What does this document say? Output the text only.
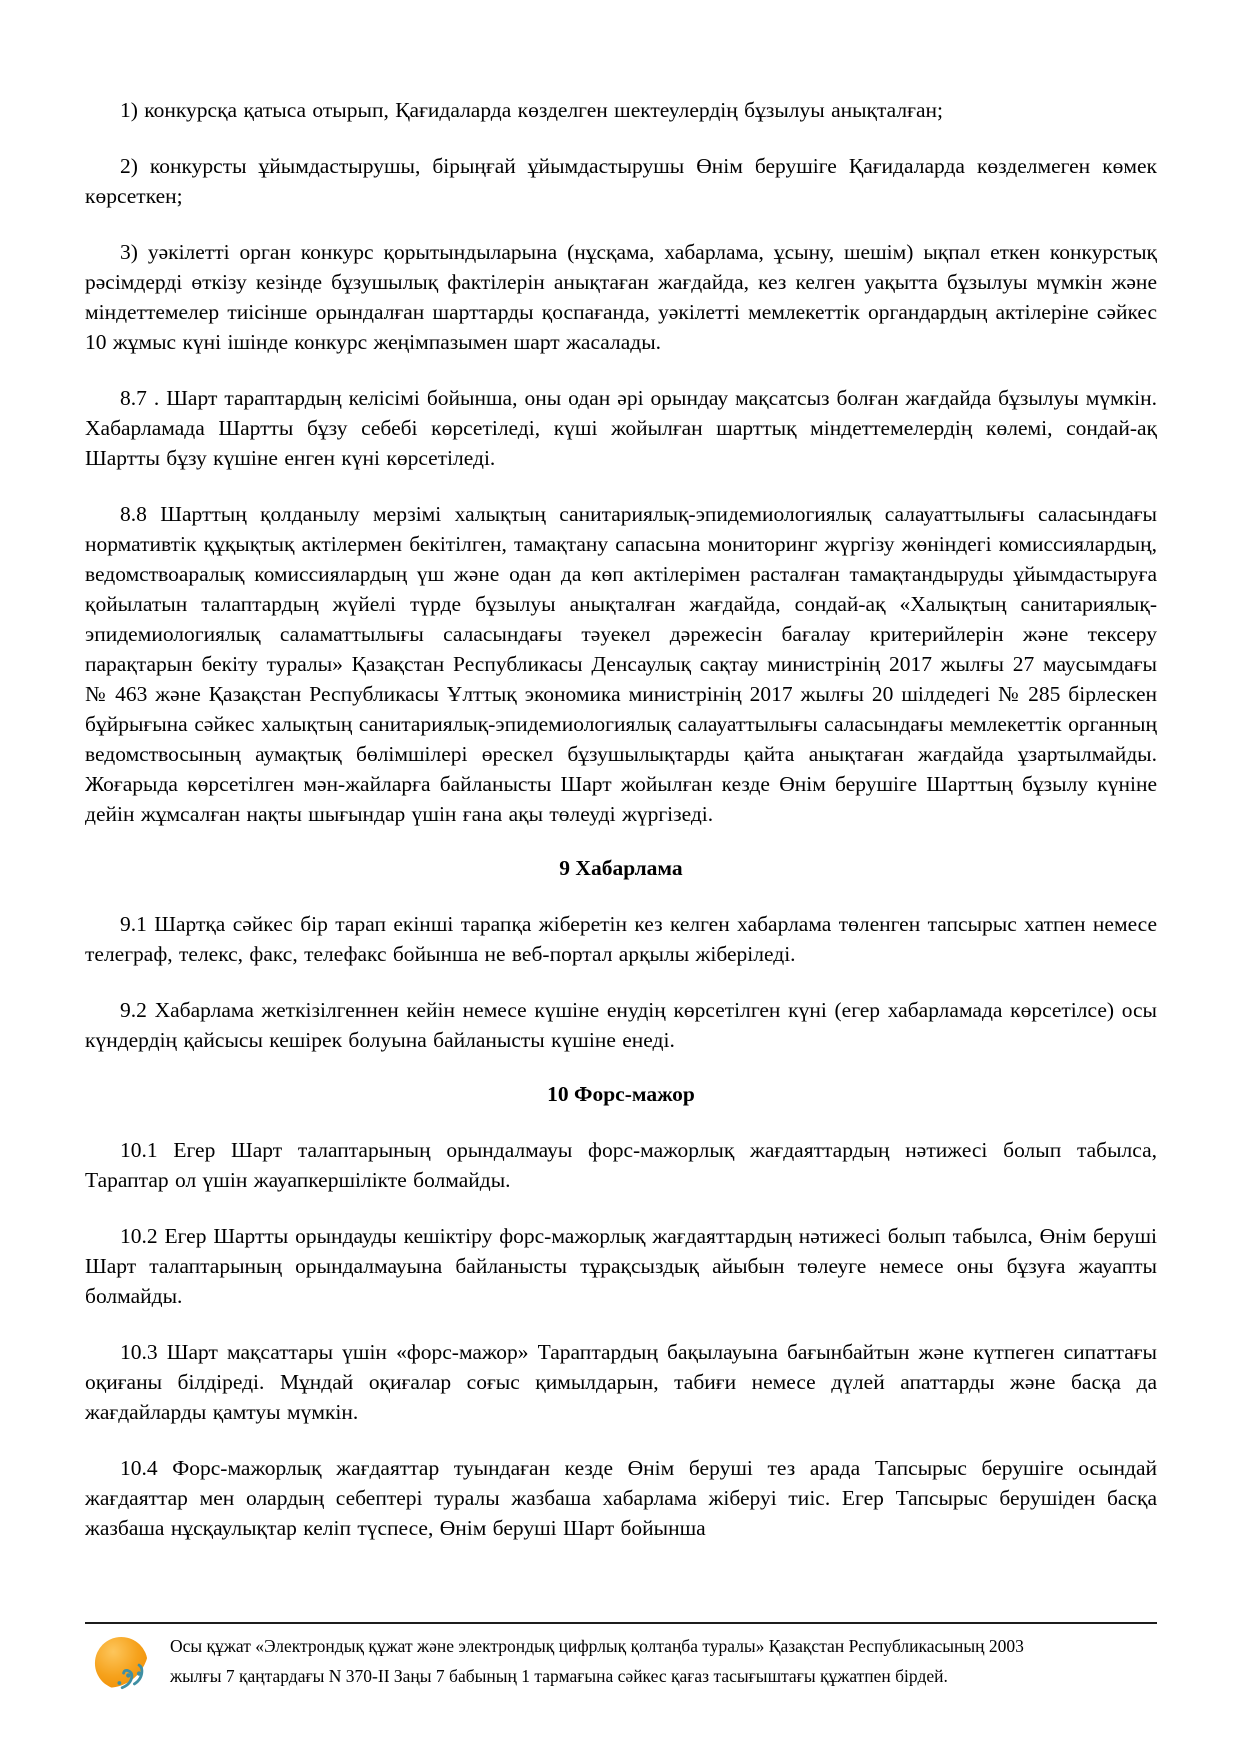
1) конкурсқа қатыса отырып, Қағидаларда көзделген шектеулердің бұзылуы анықталған;

2) конкурсты ұйымдастырушы, бірыңғай ұйымдастырушы Өнім берушіге Қағидаларда көзделмеген көмек көрсеткен;

3) уәкілетті орган конкурс қорытындыларына (нұсқама, хабарлама, ұсыну, шешім) ықпал еткен конкурстық рәсімдерді өткізу кезінде бұзушылық фактілерін анықтаған жағдайда, кез келген уақытта бұзылуы мүмкін және міндеттемелер тиісінше орындалған шарттарды қоспағанда, уәкілетті мемлекеттік органдардың актілеріне сәйкес 10 жұмыс күні ішінде конкурс жеңімпазымен шарт жасалады.

8.7 . Шарт тараптардың келісімі бойынша, оны одан әрі орындау мақсатсыз болған жағдайда бұзылуы мүмкін. Хабарламада Шартты бұзу себебі көрсетіледі, күші жойылған шарттық міндеттемелердің көлемі, сондай-ақ Шартты бұзу күшіне енген күні көрсетіледі.

8.8 Шарттың қолданылу мерзімі халықтың санитариялық-эпидемиологиялық салауаттылығы саласындағы нормативтік құқықтық актілермен бекітілген, тамақтану сапасына мониторинг жүргізу жөніндегі комиссиялардың, ведомствоаралық комиссиялардың үш және одан да көп актілерімен расталған тамақтандыруды ұйымдастыруға қойылатын талаптардың жүйелі түрде бұзылуы анықталған жағдайда, сондай-ақ «Халықтың санитариялық-эпидемиологиялық саламаттылығы саласындағы тәуекел дәрежесін бағалау критерийлерін және тексеру парақтарын бекіту туралы» Қазақстан Республикасы Денсаулық сақтау министрінің 2017 жылғы 27 маусымдағы № 463 және Қазақстан Республикасы Ұлттық экономика министрінің 2017 жылғы 20 шілдедегі № 285 бірлескен бұйрығына сәйкес халықтың санитариялық-эпидемиологиялық салауаттылығы саласындағы мемлекеттік органның ведомствосының аумақтық бөлімшілері өрескел бұзушылықтарды қайта анықтаған жағдайда ұзартылмайды. Жоғарыда көрсетілген мән-жайларға байланысты Шарт жойылған кезде Өнім берушіге Шарттың бұзылу күніне дейін жұмсалған нақты шығындар үшін ғана ақы төлеуді жүргізеді.

9 Хабарлама

9.1 Шартқа сәйкес бір тарап екінші тарапқа жіберетін кез келген хабарлама төленген тапсырыс хатпен немесе телеграф, телекс, факс, телефакс бойынша не веб-портал арқылы жіберіледі.

9.2 Хабарлама жеткізілгеннен кейін немесе күшіне енудің көрсетілген күні (егер хабарламада көрсетілсе) осы күндердің қайсысы кешірек болуына байланысты күшіне енеді.

10 Форс-мажор

10.1 Егер Шарт талаптарының орындалмауы форс-мажорлық жағдаяттардың нәтижесі болып табылса, Тараптар ол үшін жауапкершілікте болмайды.

10.2 Егер Шартты орындауды кешіктіру форс-мажорлық жағдаяттардың нәтижесі болып табылса, Өнім беруші Шарт талаптарының орындалмауына байланысты тұрақсыздық айыбын төлеуге немесе оны бұзуға жауапты болмайды.

10.3 Шарт мақсаттары үшін «форс-мажор» Тараптардың бақылауына бағынбайтын және күтпеген сипаттағы оқиғаны білдіреді. Мұндай оқиғалар соғыс қимылдарын, табиғи немесе дүлей апаттарды және басқа да жағдайларды қамтуы мүмкін.

10.4 Форс-мажорлық жағдаяттар туындаған кезде Өнім беруші тез арада Тапсырыс берушіге осындай жағдаяттар мен олардың себептері туралы жазбаша хабарлама жіберуі тиіс. Егер Тапсырыс берушіден басқа жазбаша нұсқаулықтар келіп түспесе, Өнім беруші Шарт бойынша

Осы құжат «Электрондық құжат және электрондық цифрлық қолтаңба туралы» Қазақстан Республикасының 2003 жылғы 7 қаңтардағы N 370-II Заңы 7 бабының 1 тармағына сәйкес қағаз тасығыштағы құжатпен бірдей.
